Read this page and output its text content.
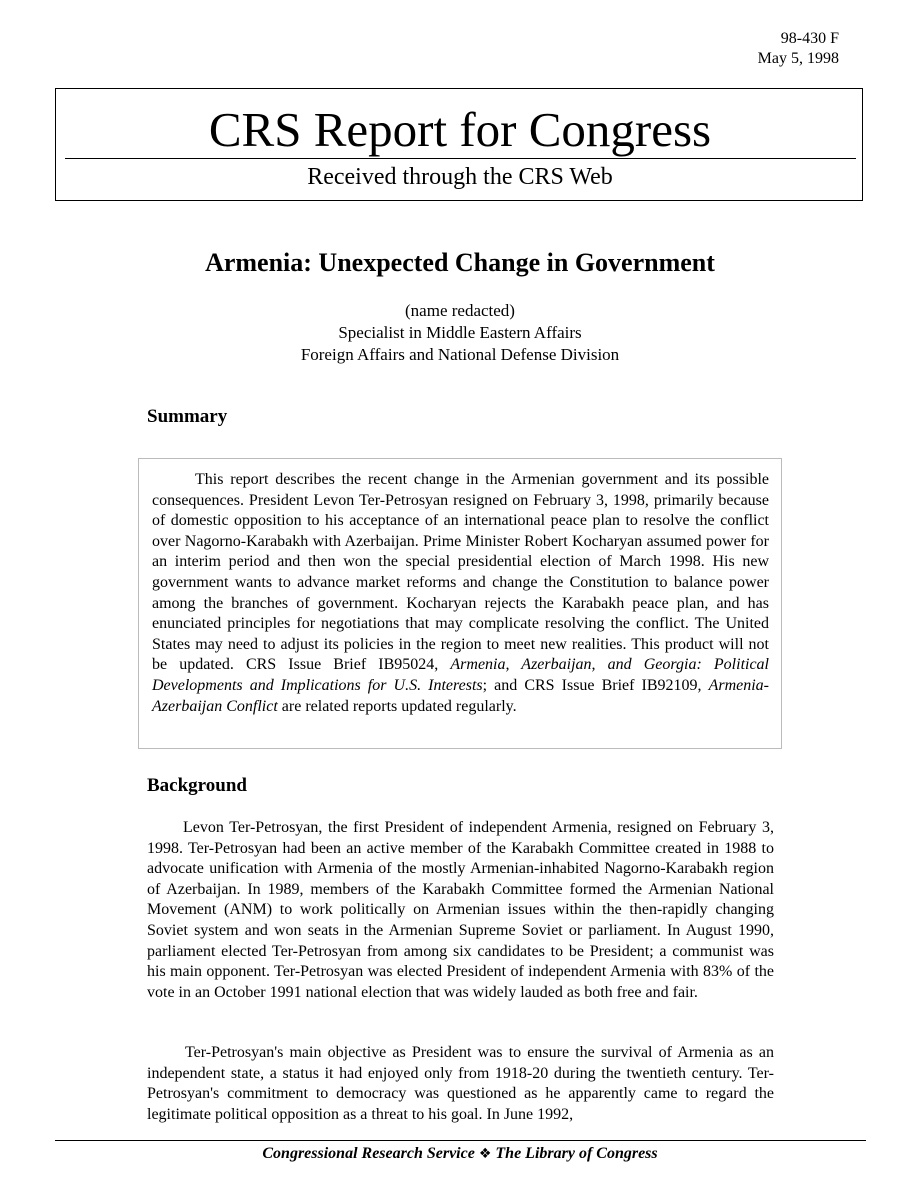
98-430 F
May 5, 1998
CRS Report for Congress
Received through the CRS Web
Armenia: Unexpected Change in Government
(name redacted)
Specialist in Middle Eastern Affairs
Foreign Affairs and National Defense Division
Summary
This report describes the recent change in the Armenian government and its possible consequences. President Levon Ter-Petrosyan resigned on February 3, 1998, primarily because of domestic opposition to his acceptance of an international peace plan to resolve the conflict over Nagorno-Karabakh with Azerbaijan. Prime Minister Robert Kocharyan assumed power for an interim period and then won the special presidential election of March 1998. His new government wants to advance market reforms and change the Constitution to balance power among the branches of government. Kocharyan rejects the Karabakh peace plan, and has enunciated principles for negotiations that may complicate resolving the conflict. The United States may need to adjust its policies in the region to meet new realities. This product will not be updated. CRS Issue Brief IB95024, Armenia, Azerbaijan, and Georgia: Political Developments and Implications for U.S. Interests; and CRS Issue Brief IB92109, Armenia-Azerbaijan Conflict are related reports updated regularly.
Background
Levon Ter-Petrosyan, the first President of independent Armenia, resigned on February 3, 1998. Ter-Petrosyan had been an active member of the Karabakh Committee created in 1988 to advocate unification with Armenia of the mostly Armenian-inhabited Nagorno-Karabakh region of Azerbaijan. In 1989, members of the Karabakh Committee formed the Armenian National Movement (ANM) to work politically on Armenian issues within the then-rapidly changing Soviet system and won seats in the Armenian Supreme Soviet or parliament. In August 1990, parliament elected Ter-Petrosyan from among six candidates to be President; a communist was his main opponent. Ter-Petrosyan was elected President of independent Armenia with 83% of the vote in an October 1991 national election that was widely lauded as both free and fair.
Ter-Petrosyan's main objective as President was to ensure the survival of Armenia as an independent state, a status it had enjoyed only from 1918-20 during the twentieth century. Ter-Petrosyan's commitment to democracy was questioned as he apparently came to regard the legitimate political opposition as a threat to his goal. In June 1992,
Congressional Research Service ❖ The Library of Congress
